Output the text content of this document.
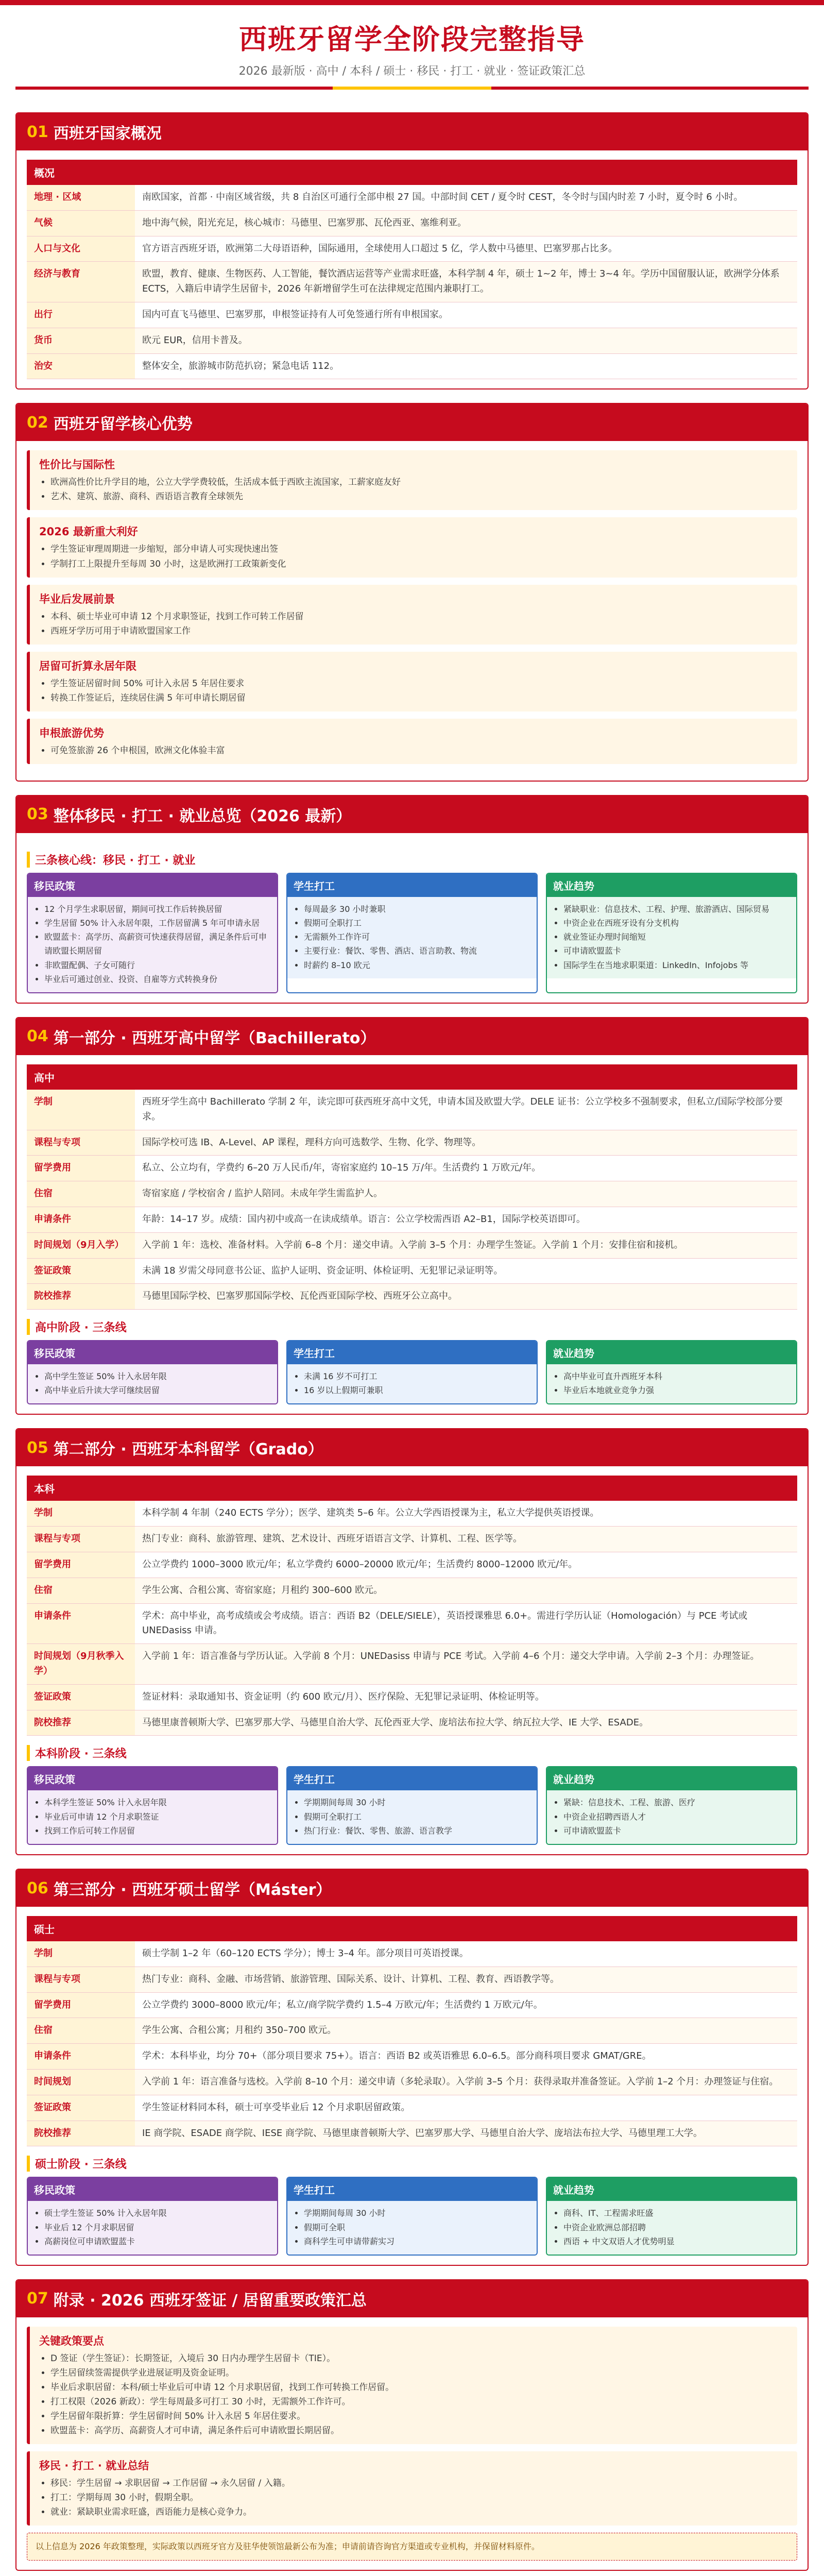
西班牙留学全阶段完整指导
2026 最新版 · 高中 / 本科 / 硕士 · 移民 · 打工 · 就业 · 签证政策汇总
01 西班牙国家概况
概况	
地理 · 区域	南欧国家，首都 · 中南区域省级，共 8 自治区可通行全部申根 27 国。中部时间 CET / 夏令时 CEST，冬令时与国内时差 7 小时，夏令时 6 小时。
气候	地中海气候，阳光充足，核心城市：马德里、巴塞罗那、瓦伦西亚、塞维利亚。
人口与文化	官方语言西班牙语，欧洲第二大母语语种，国际通用，全球使用人口超过 5 亿，学人数中马德里、巴塞罗那占比多。
经济与教育	欧盟，教育、健康、生物医药、人工智能，餐饮酒店运营等产业需求旺盛，本科学制 4 年，硕士 1~2 年，博士 3~4 年。学历中国留服认证，欧洲学分体系 ECTS，入籍后申请学生居留卡，2026 年新增留学生可在法律规定范围内兼职打工。
出行	国内可直飞马德里、巴塞罗那，申根签证持有人可免签通行所有申根国家。
货币	欧元 EUR，信用卡普及。
治安	整体安全，旅游城市防范扒窃；紧急电话 112。
02 西班牙留学核心优势
性价比与国际性
• 欧洲高性价比升学目的地，公立大学学费较低，生活成本低于西欧主流国家，工薪家庭友好
• 艺术、建筑、旅游、商科、西语语言教育全球领先
2026 最新重大利好
• 学生签证审理周期进一步缩短，部分申请人可实现快速出签
• 学制打工上限提升至每周 30 小时，这是欧洲打工政策新变化
毕业后发展前景
• 本科、硕士毕业可申请 12 个月求职签证，找到工作可转工作居留
• 西班牙学历可用于申请欧盟国家工作
居留可折算永居年限
• 学生签证居留时间 50% 可计入永居 5 年居住要求
• 转换工作签证后，连续居住满 5 年可申请长期居留
申根旅游优势
• 可免签旅游 26 个申根国，欧洲文化体验丰富
03 整体移民 · 打工 · 就业总览（2026 最新）
三条核心线：移民 · 打工 · 就业
移民政策
• 12 个月学生求职居留，期间可找工作后转换居留
• 学生居留 50% 计入永居年限，工作居留满 5 年可申请永居
• 欧盟蓝卡：高学历、高薪资可快速获得居留，满足条件后可申请欧盟长期居留
• 非欧盟配偶、子女可随行
• 毕业后可通过创业、投资、自雇等方式转换身份
学生打工
• 每周最多 30 小时兼职
• 假期可全职打工
• 无需额外工作许可
• 主要行业：餐饮、零售、酒店、语言助教、物流
• 时薪约 8–10 欧元
就业趋势
• 紧缺职业：信息技术、工程、护理、旅游酒店、国际贸易
• 中资企业在西班牙设有分支机构
• 就业签证办理时间缩短
• 可申请欧盟蓝卡
• 国际学生在当地求职渠道：LinkedIn、Infojobs 等
04 第一部分 · 西班牙高中留学（Bachillerato）
高中	
学制	西班牙学生高中 Bachillerato 学制 2 年，读完即可获西班牙高中文凭，申请本国及欧盟大学。DELE 证书：公立学校多不强制要求，但私立/国际学校部分要求。
课程与专项	国际学校可选 IB、A-Level、AP 课程，理科方向可选数学、生物、化学、物理等。
留学费用	私立、公立均有，学费约 6–20 万人民币/年，寄宿家庭约 10–15 万/年。生活费约 1 万欧元/年。
住宿	寄宿家庭 / 学校宿舍 / 监护人陪同。未成年学生需监护人。
申请条件	年龄：14–17 岁。成绩：国内初中或高一在读成绩单。语言：公立学校需西语 A2–B1，国际学校英语即可。
时间规划（9月入学）	入学前 1 年：选校、准备材料。入学前 6–8 个月：递交申请。入学前 3–5 个月：办理学生签证。入学前 1 个月：安排住宿和接机。
签证政策	未满 18 岁需父母同意书公证、监护人证明、资金证明、体检证明、无犯罪记录证明等。
院校推荐	马德里国际学校、巴塞罗那国际学校、瓦伦西亚国际学校、西班牙公立高中。
高中阶段 · 三条线
移民政策
• 高中学生签证 50% 计入永居年限
• 高中毕业后升读大学可继续居留
学生打工
• 未满 16 岁不可打工
• 16 岁以上假期可兼职
就业趋势
• 高中毕业可直升西班牙本科
• 毕业后本地就业竞争力强
05 第二部分 · 西班牙本科留学（Grado）
本科	
学制	本科学制 4 年制（240 ECTS 学分）；医学、建筑类 5–6 年。公立大学西语授课为主，私立大学提供英语授课。
课程与专项	热门专业：商科、旅游管理、建筑、艺术设计、西班牙语语言文学、计算机、工程、医学等。
留学费用	公立学费约 1000–3000 欧元/年；私立学费约 6000–20000 欧元/年；生活费约 8000–12000 欧元/年。
住宿	学生公寓、合租公寓、寄宿家庭；月租约 300–600 欧元。
申请条件	学术：高中毕业，高考成绩或会考成绩。语言：西语 B2（DELE/SIELE），英语授课雅思 6.0+。需进行学历认证（Homologación）与 PCE 考试或 UNEDasiss 申请。
时间规划（9月秋季入学）	入学前 1 年：语言准备与学历认证。入学前 8 个月：UNEDasiss 申请与 PCE 考试。入学前 4–6 个月：递交大学申请。入学前 2–3 个月：办理签证。
签证政策	签证材料：录取通知书、资金证明（约 600 欧元/月）、医疗保险、无犯罪记录证明、体检证明等。
院校推荐	马德里康普顿斯大学、巴塞罗那大学、马德里自治大学、瓦伦西亚大学、庞培法布拉大学、纳瓦拉大学、IE 大学、ESADE。
本科阶段 · 三条线
移民政策
• 本科学生签证 50% 计入永居年限
• 毕业后可申请 12 个月求职签证
• 找到工作后可转工作居留
学生打工
• 学期期间每周 30 小时
• 假期可全职打工
• 热门行业：餐饮、零售、旅游、语言教学
就业趋势
• 紧缺：信息技术、工程、旅游、医疗
• 中资企业招聘西语人才
• 可申请欧盟蓝卡
06 第三部分 · 西班牙硕士留学（Máster）
硕士	
学制	硕士学制 1–2 年（60–120 ECTS 学分）；博士 3–4 年。部分项目可英语授课。
课程与专项	热门专业：商科、金融、市场营销、旅游管理、国际关系、设计、计算机、工程、教育、西语教学等。
留学费用	公立学费约 3000–8000 欧元/年；私立/商学院学费约 1.5–4 万欧元/年；生活费约 1 万欧元/年。
住宿	学生公寓、合租公寓；月租约 350–700 欧元。
申请条件	学术：本科毕业，均分 70+（部分项目要求 75+）。语言：西语 B2 或英语雅思 6.0–6.5。部分商科项目要求 GMAT/GRE。
时间规划	入学前 1 年：语言准备与选校。入学前 8–10 个月：递交申请（多轮录取）。入学前 3–5 个月：获得录取并准备签证。入学前 1–2 个月：办理签证与住宿。
签证政策	学生签证材料同本科，硕士可享受毕业后 12 个月求职居留政策。
院校推荐	IE 商学院、ESADE 商学院、IESE 商学院、马德里康普顿斯大学、巴塞罗那大学、马德里自治大学、庞培法布拉大学、马德里理工大学。
硕士阶段 · 三条线
移民政策
• 硕士学生签证 50% 计入永居年限
• 毕业后 12 个月求职居留
• 高薪岗位可申请欧盟蓝卡
学生打工
• 学期期间每周 30 小时
• 假期可全职
• 商科学生可申请带薪实习
就业趋势
• 商科、IT、工程需求旺盛
• 中资企业欧洲总部招聘
• 西语 + 中文双语人才优势明显
07 附录 · 2026 西班牙签证 / 居留重要政策汇总
关键政策要点
• D 签证（学生签证）：长期签证，入境后 30 日内办理学生居留卡（TIE）。
• 学生居留续签需提供学业进展证明及资金证明。
• 毕业后求职居留：本科/硕士毕业后可申请 12 个月求职居留，找到工作可转换工作居留。
• 打工权限（2026 新政）：学生每周最多可打工 30 小时，无需额外工作许可。
• 学生居留年限折算：学生居留时间 50% 计入永居 5 年居住要求。
• 欧盟蓝卡：高学历、高薪资人才可申请，满足条件后可申请欧盟长期居留。
移民 · 打工 · 就业总结
• 移民：学生居留 → 求职居留 → 工作居留 → 永久居留 / 入籍。
• 打工：学期每周 30 小时，假期全职。
• 就业：紧缺职业需求旺盛，西语能力是核心竞争力。
以上信息为 2026 年政策整理，实际政策以西班牙官方及驻华使领馆最新公布为准；申请前请咨询官方渠道或专业机构，并保留材料原件。
